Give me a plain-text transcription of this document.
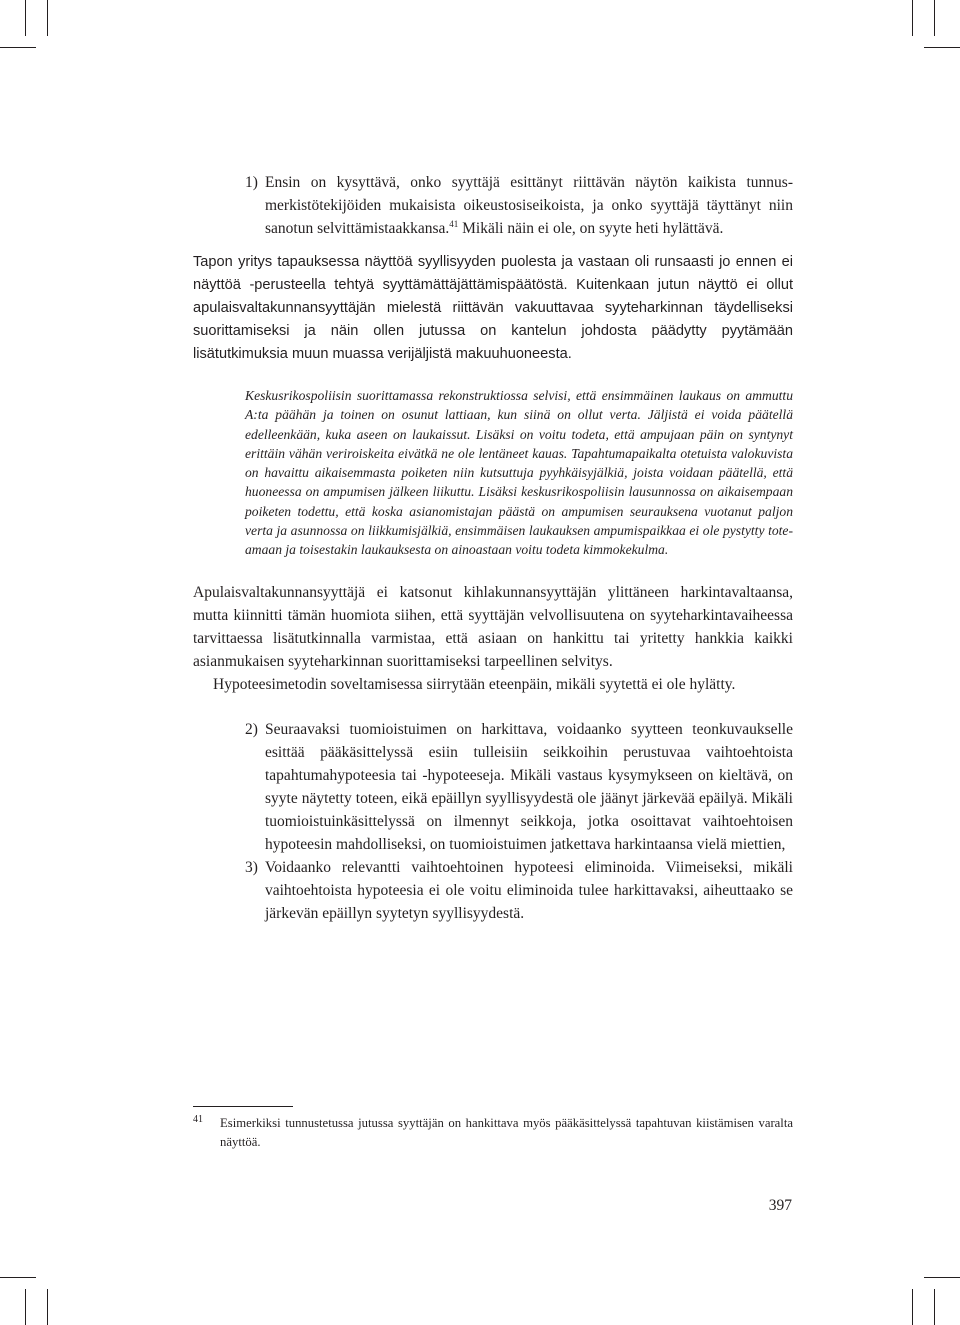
1) Ensin on kysyttävä, onko syyttäjä esittänyt riittävän näytön kaikista tunnusmerkistötekijöiden mukaisista oikeustosiseikoista, ja onko syyttäjä täyttänyt niin sanotun selvittämistaakkansa.$^{41}$ Mikäli näin ei ole, on syyte heti hylättävä.

Tapon yritys tapauksessa näyttöä syyllisyyden puolesta ja vastaan oli runsaasti jo ennen ei näyttöä -perusteella tehtyä syyttämättäjättämispäätöstä. Kuitenkaan jutun näyttö ei ollut apulaisvaltakunnansyyttäjän mielestä riittävän vakuuttavaa syyteharkinnan täydelliseksi suorittamiseksi ja näin ollen jutussa on kantelun johdosta päädytty pyytämään lisätutkimuksia muun muassa verijäljistä makuuhuoneesta.

Keskusrikospoliisin suorittamassa rekonstruktiossa selvisi, että ensimmäinen laukaus on ammuttu A:ta päähän ja toinen on osunut lattiaan, kun siinä on ollut verta. Jäljistä ei voida päätellä edelleenkään, kuka aseen on laukaissut. Lisäksi on voitu todeta, että ampujaan päin on syntynyt erittäin vähän veriroiskeita eivätkä ne ole lentäneet kauas. Tapahtumapaikalta otetuista valokuvista on havaittu aikaisemmasta poiketen niin kutsuttuja pyyhkäisyjälkiä, joista voidaan päätellä, että huoneessa on ampumisen jälkeen liikuttu. Lisäksi keskusrikospoliisin lausunnossa on aikaisempaan poiketen todettu, että koska asianomistajan päästä on ampumisen seurauksena vuotanut paljon verta ja asunnossa on liikkumisjälkiä, ensimmäisen laukauksen ampumispaikkaa ei ole pystytty toteamaan ja toisestakin laukauksesta on ainoastaan voitu todeta kimmokekulma.

Apulaisvaltakunnansyyttäjä ei katsonut kihlakunnansyyttäjän ylittäneen harkintavaltaansa, mutta kiinnitti tämän huomiota siihen, että syyttäjän velvollisuutena on syyteharkintavaiheessa tarvittaessa lisätutkinnalla varmistaa, että asiaan on hankittu tai yritetty hankkia kaikki asianmukaisen syyteharkinnan suorittamiseksi tarpeellinen selvitys.

Hypoteesimetodin soveltamisessa siirrytään eteenpäin, mikäli syytettä ei ole hylätty.

2) Seuraavaksi tuomioistuimen on harkittava, voidaanko syytteen teonkuvaukselle esittää pääkäsittelyssä esiin tulleisiin seikkoihin perustuvaa vaihtoehtoista tapahtumahypoteesia tai -hypoteeseja. Mikäli vastaus kysymykseen on kieltävä, on syyte näytetty toteen, eikä epäillyn syyllisyydestä ole jäänyt järkevää epäilyä. Mikäli tuomioistuinkäsittelyssä on ilmennyt seikkoja, jotka osoittavat vaihtoehtoisen hypoteesin mahdolliseksi, on tuomioistuimen jatkettava harkintaansa vielä miettien,
3) Voidaanko relevantti vaihtoehtoinen hypoteesi eliminoida. Viimeiseksi, mikäli vaihtoehtoista hypoteesia ei ole voitu eliminoida tulee harkittavaksi, aiheuttaako se järkevän epäillyn syytetyn syyllisyydestä.
41 Esimerkiksi tunnustetussa jutussa syyttäjän on hankittava myös pääkäsittelyssä tapahtuvan kiistämisen varalta näyttöä.
397
